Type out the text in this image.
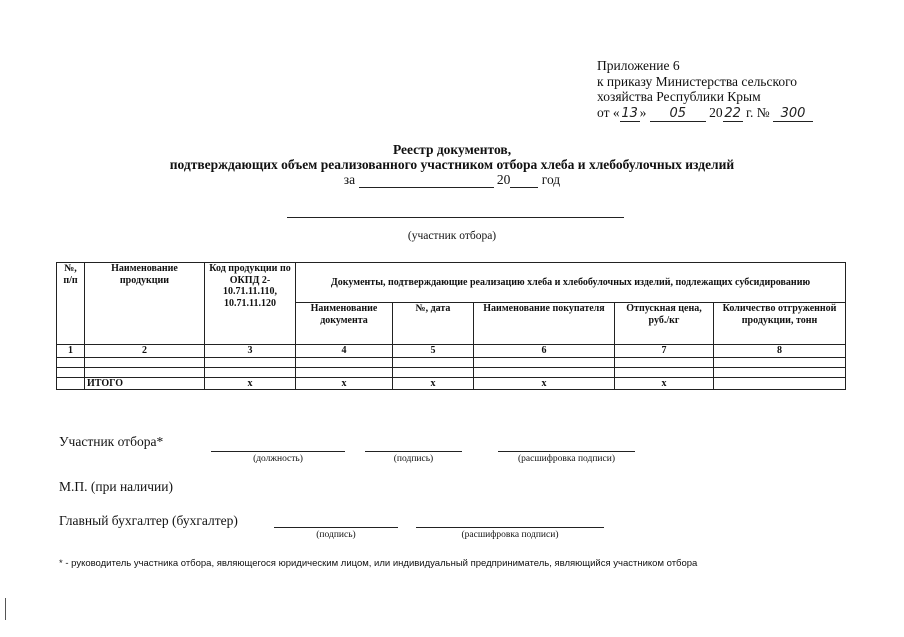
Приложение 6
к приказу Министерства сельского
хозяйства Республики Крым
от « 13 » 05 20 22 г. № 300
Реестр документов,
подтверждающих объем реализованного участником отбора хлеба и хлебобулочных изделий
за	20 год
(участник отбора)
№, п/п	Наименование продукции	Код продукции по ОКПД 2- 10.71.11.110, 10.71.11.120	Документы, подтверждающие реализацию хлеба и хлебобулочных изделий, подлежащих субсидированию				
			Наименование документа	№, дата	Наименование покупателя	Отпускная цена, руб./кг	Количество отгруженной продукции, тонн
1	2	3	4	5	6	7	8

	ИТОГО	х	х	х	х	х	
Участник отбора*
(должность)	(подпись)	(расшифровка подписи)
М.П. (при наличии)
Главный бухгалтер (бухгалтер)
(подпись)	(расшифровка подписи)
* - руководитель участника отбора, являющегося юридическим лицом, или индивидуальный предприниматель, являющийся участником отбора
